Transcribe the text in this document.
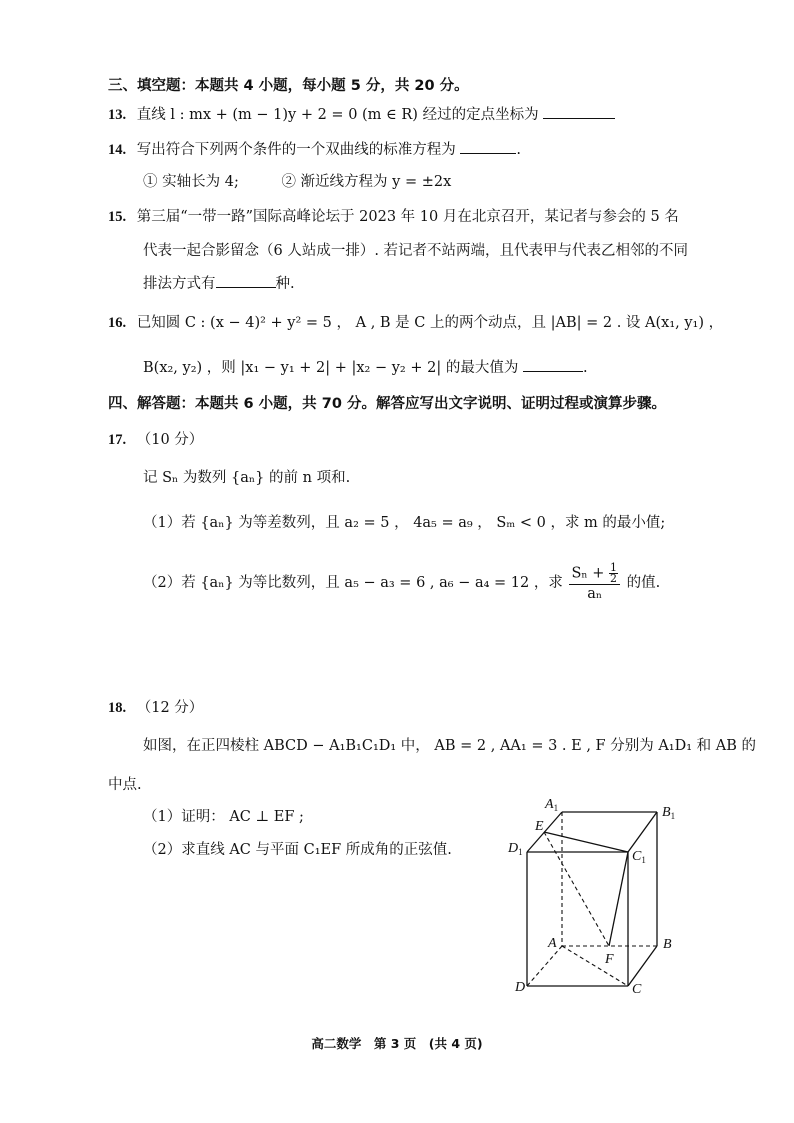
三、填空题：本题共 4 小题，每小题 5 分，共 20 分。
13. 直线 l : mx + (m − 1)y + 2 = 0 (m ∈ R) 经过的定点坐标为
14. 写出符合下列两个条件的一个双曲线的标准方程为	.
① 实轴长为 4;	② 渐近线方程为 y = ±2x
15. 第三届“一带一路”国际高峰论坛于 2023 年 10 月在北京召开，某记者与参会的 5 名
代表一起合影留念（6 人站成一排）. 若记者不站两端，且代表甲与代表乙相邻的不同
排法方式有	种.
16. 已知圆 C : (x − 4)² + y² = 5 ， A , B 是 C 上的两个动点，且 |AB| = 2 . 设 A(x₁, y₁) ，
B(x₂, y₂) ，则 |x₁ − y₁ + 2| + |x₂ − y₂ + 2| 的最大值为	.
四、解答题：本题共 6 小题，共 70 分。解答应写出文字说明、证明过程或演算步骤。
17. （10 分）
记 Sₙ 为数列 {aₙ} 的前 n 项和.
（1）若 {aₙ} 为等差数列，且 a₂ = 5 ， 4a₅ = a₉ ， Sₘ < 0 ，求 m 的最小值;
（2）若 {aₙ} 为等比数列，且 a₅ − a₃ = 6 , a₆ − a₄ = 12 ，求 $\frac{S_n + \frac{1}{2}}{\text{aₙ}}$ 的值.
18. （12 分）
如图，在正四棱柱 ABCD − A₁B₁C₁D₁ 中， AB = 2 , AA₁ = 3 . E , F 分别为 A₁D₁ 和 AB 的
中点.
（1）证明： AC ⊥ EF ;
（2）求直线 AC 与平面 C₁EF 所成角的正弦值.
$A_1$	$B_1$
$C_1$
$D_1$
E
A	B
C
D
F
高二数学　第 3 页　(共 4 页)
